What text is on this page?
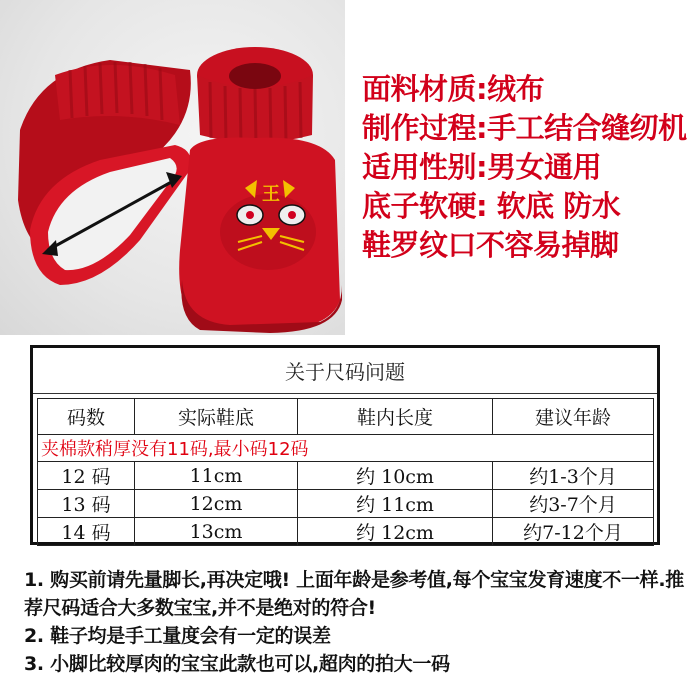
王
面料材质:绒布
制作过程:手工结合缝纫机
适用性别:男女通用
底子软硬: 软底 防水
鞋罗纹口不容易掉脚
关于尺码问题
码数	实际鞋底	鞋内长度	建议年龄
夹棉款稍厚没有11码,最小码12码			
12 码	11cm	约 10cm	约1-3个月
13 码	12cm	约 11cm	约3-7个月
14 码	13cm	约 12cm	约7-12个月
1. 购买前请先量脚长,再决定哦! 上面年龄是参考值,每个宝宝发育速度不一样.推荐尺码适合大多数宝宝,并不是绝对的符合!
2. 鞋子均是手工量度会有一定的误差
3. 小脚比较厚肉的宝宝此款也可以,超肉的拍大一码
